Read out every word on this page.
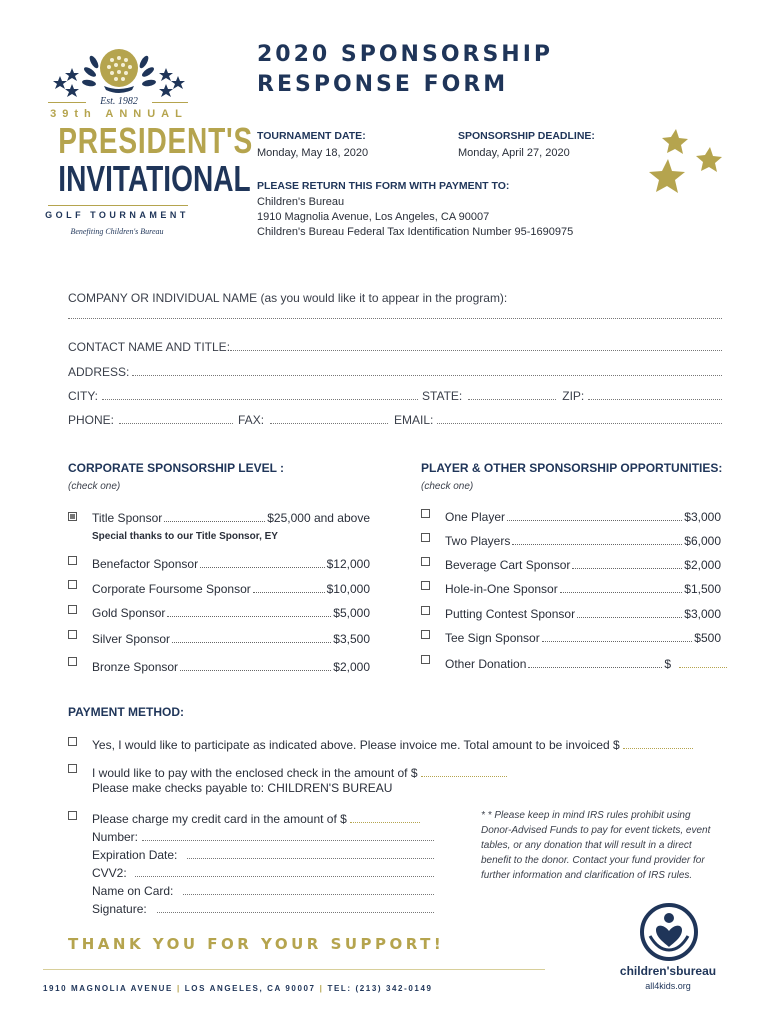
Est. 1982
39th ANNUAL
PRESIDENT'S
INVITATIONAL
GOLF TOURNAMENT
Benefiting Children's Bureau
2020 SPONSORSHIP
RESPONSE FORM
TOURNAMENT DATE:
Monday, May 18, 2020
SPONSORSHIP DEADLINE:
Monday, April 27, 2020
PLEASE RETURN THIS FORM WITH PAYMENT TO:
Children's Bureau
1910 Magnolia Avenue, Los Angeles, CA 90007
Children's Bureau Federal Tax Identification Number 95-1690975
COMPANY OR INDIVIDUAL NAME (as you would like it to appear in the program):
CONTACT NAME AND TITLE:
ADDRESS:
CITY:	STATE:	ZIP:
PHONE:	FAX:	EMAIL:
CORPORATE SPONSORSHIP LEVEL :
(check one)
Title Sponsor	$25,000 and above
Special thanks to our Title Sponsor, EY
Benefactor Sponsor	$12,000
Corporate Foursome Sponsor	$10,000
Gold Sponsor	$5,000
Silver Sponsor	$3,500
Bronze Sponsor	$2,000
PLAYER & OTHER SPONSORSHIP OPPORTUNITIES:
(check one)
One Player	$3,000
Two Players	$6,000
Beverage Cart Sponsor	$2,000
Hole-in-One Sponsor	$1,500
Putting Contest Sponsor	$3,000
Tee Sign Sponsor	$500
Other Donation	$
PAYMENT METHOD:
Yes, I would like to participate as indicated above. Please invoice me. Total amount to be invoiced $
I would like to pay with the enclosed check in the amount of $
Please make checks payable to: CHILDREN'S BUREAU
Please charge my credit card in the amount of $
Number:
Expiration Date:
CVV2:
Name on Card:
Signature:
* * Please keep in mind IRS rules prohibit using Donor-Advised Funds to pay for event tickets, event tables, or any donation that will result in a direct benefit to the donor. Contact your fund provider for further information and clarification of IRS rules.
THANK YOU FOR YOUR SUPPORT!
1910 MAGNOLIA AVENUE | LOS ANGELES, CA 90007 | TEL: (213) 342-0149
children'sbureau
all4kids.org
